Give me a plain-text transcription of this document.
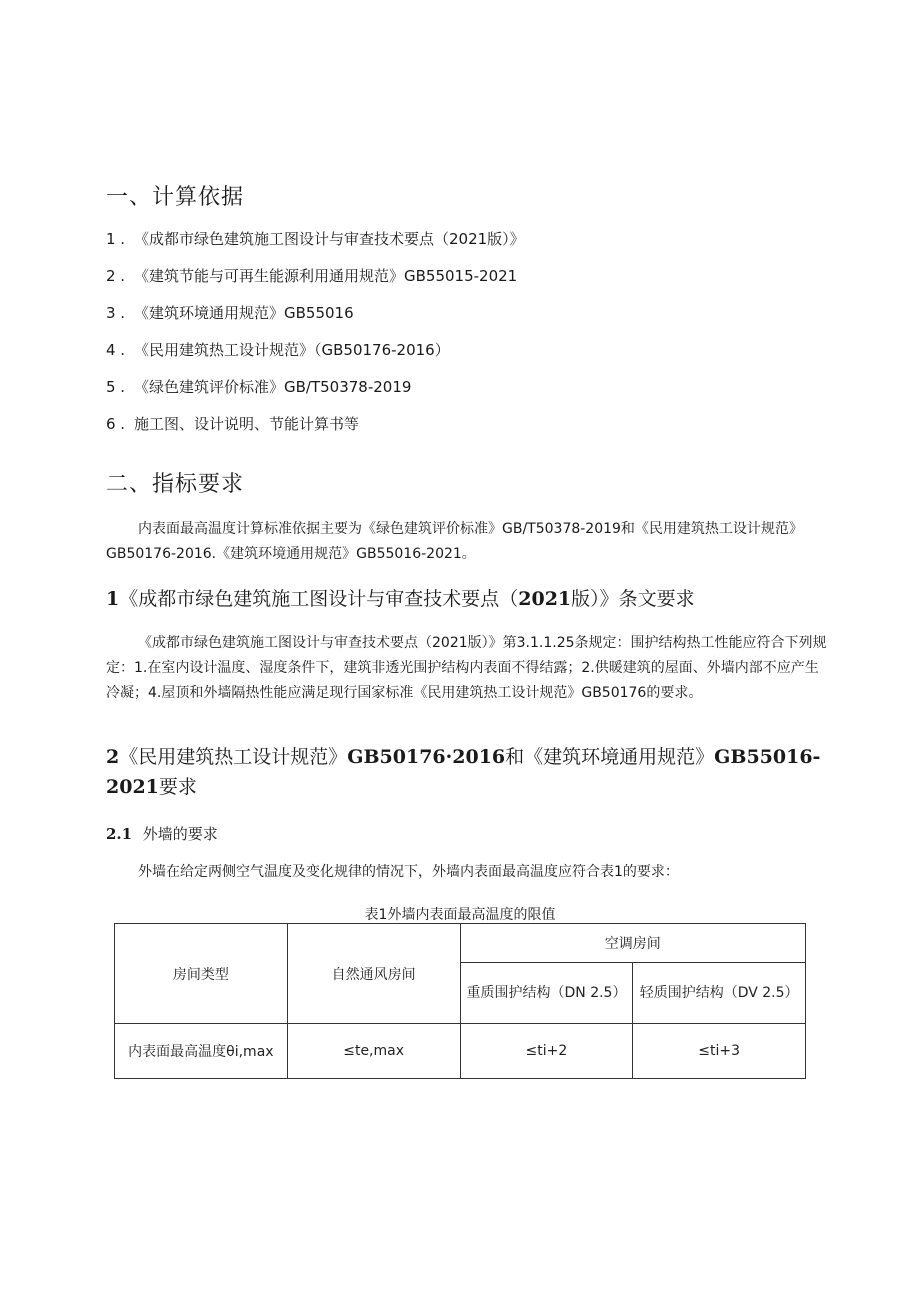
一、计算依据

1 . 《成都市绿色建筑施工图设计与审查技术要点（2021版）》

2 . 《建筑节能与可再生能源利用通用规范》GB55015-2021

3 . 《建筑环境通用规范》GB55016

4 . 《民用建筑热工设计规范》（GB50176-2016）

5 . 《绿色建筑评价标准》GB/T50378-2019

6 . 施工图、设计说明、节能计算书等

二、指标要求

内表面最高温度计算标准依据主要为《绿色建筑评价标准》GB/T50378-2019和《民用建筑热工设计规范》GB50176-2016.《建筑环境通用规范》GB55016-2021。

1《成都市绿色建筑施工图设计与审查技术要点（2021版）》条文要求

《成都市绿色建筑施工图设计与审查技术要点（2021版）》第3.1.1.25条规定：围护结构热工性能应符合下列规定：1.在室内设计温度、湿度条件下，建筑非透光围护结构内表面不得结露；2.供暖建筑的屋面、外墙内部不应产生冷凝；4.屋顶和外墙隔热性能应满足现行国家标准《民用建筑热工设计规范》GB50176的要求。

2《民用建筑热工设计规范》GB50176·2016和《建筑环境通用规范》GB55016-2021要求
2.1 外墙的要求

外墙在给定两侧空气温度及变化规律的情况下，外墙内表面最高温度应符合表1的要求：

表1外墙内表面最高温度的限值

房间类型	自然通风房间	空调房间	
		重质围护结构（DN 2.5）	轻质围护结构（DV 2.5）
内表面最高温度θi,max	≤te,max	≤ti+2	≤ti+3
